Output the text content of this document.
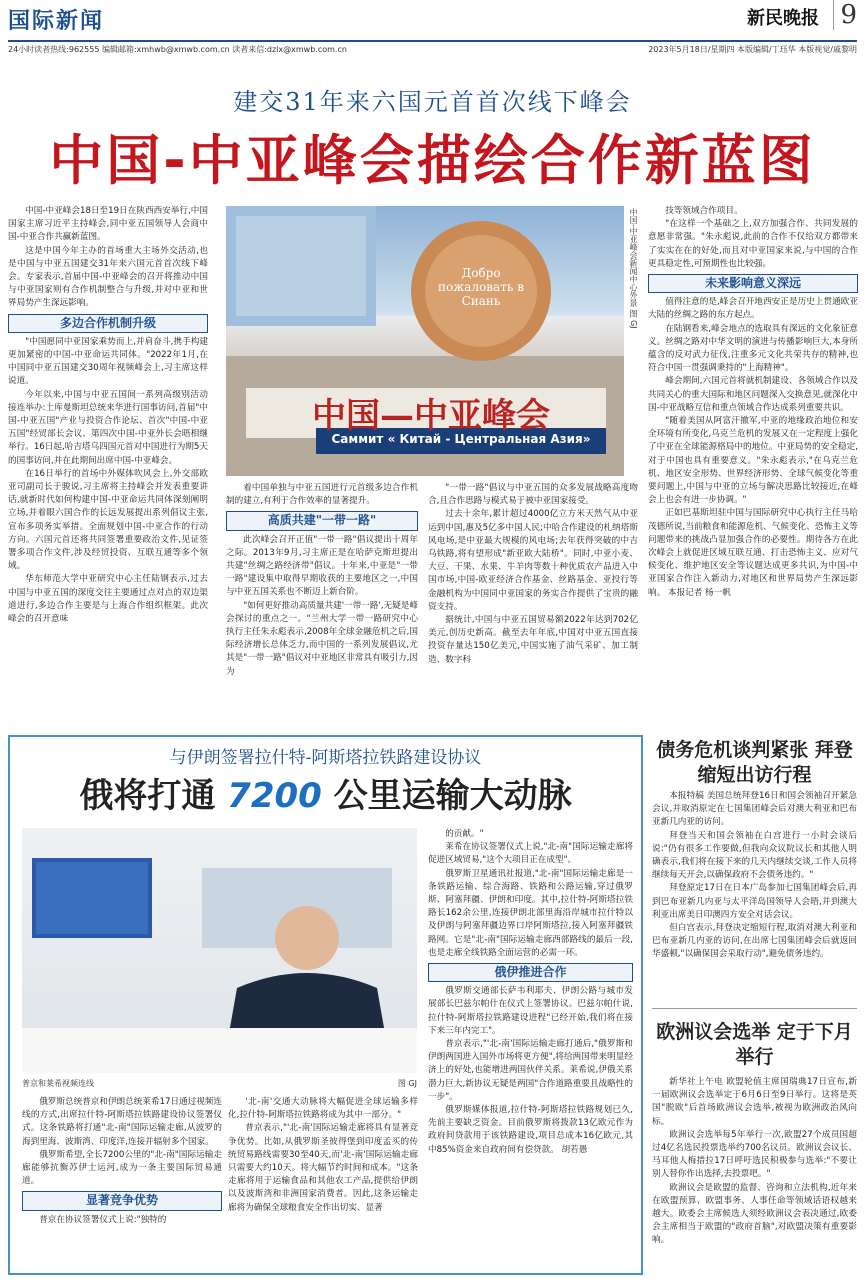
国际新闻	新民晚报 9
24小时读者热线:962555 编辑邮箱:xmhwb@xmwb.com.cn 读者来信:dzlx@xmwb.com.cn	2023年5月18日/星期四 本版编辑/丁珏华 本版视觉/戚黎明
建交31年来六国元首首次线下峰会
中国-中亚峰会描绘合作新蓝图

中国-中亚峰会18日至19日在陕西西安举行,中国国家主席习近平主持峰会,同中亚五国领导人会商中国-中亚合作共赢新蓝图。

这是中国今年主办的首场重大主场外交活动,也是中国与中亚五国建交31年来六国元首首次线下峰会。专家表示,首届中国-中亚峰会的召开将推动中国与中亚国家则有合作机制整合与升级,并对中亚和世界局势产生深远影响。

多边合作机制升级

"中国愿同中亚国家乘势而上,并肩奋斗,携手构建更加紧密的中国-中亚命运共同体。"2022年1月,在中国同中亚五国建交30周年视频峰会上,习主席这样说道。

今年以来,中国与中亚五国间一系列高级别活动接连举办:土库曼斯坦总统来华进行国事访问,首届"中国-中亚五国"产业与投资合作论坛、首次"中国-中亚五国"经贸部长会议、第四次中国-中亚外长会晤相继举行。16日起,哈吉塔乌四国元首对中国进行为期5天的国事访问,并在此期间出席中国-中亚峰会。

在16日举行的首场中外媒体吹风会上,外交部欧亚司副司长于骏说,习主席将主持峰会并发表重要讲话,就新时代如何构建中国-中亚命运共同体深刻阐明立场,并着眼六国合作的长远发展提出系列倡议主张,宣布多项务实举措。全面规划中国-中亚合作的行动方向。六国元首还将共同签署重要政治文件,见证签署多项合作文件,涉及经贸投资、互联互通等多个领域。

华东师范大学中亚研究中心主任陆钢表示,过去中国与中亚五国的深度交往主要通过点对点的双边渠道进行,多边合作主要是与上海合作组织框架。此次峰会的召开意味

Добро пожаловать в Сиань
中国—中亚峰会
Саммит « Китай - Центральная Азия»
中国-中亚峰会新闻中心外景 图 GJ

着中国单独与中亚五国进行元首级多边合作机制的建立,有利于合作效率的显著提升。

高质共建"一带一路"

此次峰会召开正值"一带一路"倡议提出十周年之际。2013年9月,习主席正是在哈萨克斯坦提出共建"丝绸之路经济带"倡议。十年来,中亚是"一带一路"建设集中取得早期收获的主要地区之一,中国与中亚五国关系也不断迈上新台阶。

"如何更好推动高质量共建'一带一路',无疑是峰会探讨的重点之一。"兰州大学一带一路研究中心执行主任朱永彪表示,2008年全球金融危机之后,国际经济增长总体乏力,而中国的一系列发展倡议,尤其是"一带一路"倡议对中亚地区非常具有吸引力,因为

"一带一路"倡议与中亚五国的众多发展战略高度吻合,且合作思路与模式易于被中亚国家接受。

过去十余年,累计超过4000亿立方米天然气从中亚运到中国,惠及5亿多中国人民;中哈合作建设的札纳塔斯风电场,是中亚最大规模的风电场;去年获得突破的中吉乌铁路,将有望形成"新亚欧大陆桥"。同时,中亚小麦、大豆、干果、水果、牛羊肉等数十种优质农产品进入中国市场,中国-欧亚经济合作基金、丝路基金、亚投行等金融机构为中国同中亚国家的务实合作提供了宝贵的融资支持。

据统计,中国与中亚五国贸易额2022年达到702亿美元,创历史新高。截至去年年底,中国对中亚五国直接投资存量达150亿美元,中国实施了油气采矿、加工制造、数字科

技等领域合作项目。

"在这样一个基础之上,双方加强合作、共同发展的意愿非常强。"朱永彪说,此前的合作不仅给双方都带来了实实在在的好处,而且对中亚国家来说,与中国的合作更具稳定性,可预期性也比较强。

未来影响意义深远

值得注意的是,峰会召开地西安正是历史上贯通欧亚大陆的丝绸之路的东方起点。

在陆钢看来,峰会地点的选取具有深远的文化象征意义。丝绸之路对中华文明的演进与传播影响巨大,本身所蕴含的反对武力征伐,注重多元文化共荣共存的精神,也符合中国一贯强调秉持的"上海精神"。

峰会期间,六国元首将就机制建设、各领域合作以及共同关心的重大国际和地区问题深入交换意见,就深化中国-中亚战略互信和重点领域合作达成系列重要共识。

"随着美国从阿富汗撤军,中亚的地缘政治地位和安全环境有所变化,乌克兰危机的发展又在一定程度上强化了中亚在全球能源格局中的地位。中亚局势的安全稳定,对于中国也具有重要意义。"朱永彪表示,"在乌克兰危机、地区安全形势、世界经济形势、全球气候变化等重要问题上,中国与中亚的立场与解决思路比较接近,在峰会上也会有进一步协调。"

正如巴基斯坦驻中国与国际研究中心执行主任马哈茂德所说,当前粮食和能源危机、气候变化、恐怖主义等问题带来的挑战凸显加强合作的必要性。期待各方在此次峰会上就促进区域互联互通、打击恐怖主义、应对气候变化、维护地区安全等议题达成更多共识,为中国-中亚国家合作注入新动力,对地区和世界局势产生深远影响。 本报记者 杨一帆

与伊朗签署拉什特-阿斯塔拉铁路建设协议
俄将打通 7200 公里运输大动脉
普京和莱希视频连线	图 GJ

俄罗斯总统普京和伊朗总统莱希17日通过视频连线的方式,出席拉什特-阿斯塔拉铁路建设协议签署仪式。这条铁路将打通"北-南"国际运输走廊,从波罗的海到里海、波斯湾、印度洋,连接并辐射多个国家。

俄罗斯希望,全长7200公里的"北-南"国际运输走廊能够抗衡苏伊士运河,成为一条主要国际贸易通道。

显著竞争优势

普京在协议签署仪式上说:"独特的

'北-南'交通大动脉将大幅促进全球运输多样化,拉什特-阿斯塔拉铁路将成为其中一部分。"

普京表示,"'北-南'国际运输走廊将具有显著竞争优势。比如,从俄罗斯圣彼得堡到印度孟买的传统贸易路线需要30至40天,而'北-南'国际运输走廊只需要大约10天。将大幅节约时间和成本。"这条走廊将用于运输食品和其他农工产品,提供给伊朗以及波斯湾和非洲国家消费者。因此,这条运输走廊将为确保全球粮食安全作出切实、显著

的贡献。"

莱希在协议签署仪式上说,"北-南"国际运输走廊将促进区域贸易,"这个大项目正在成型"。

俄罗斯卫星通讯社报道,"北-南"国际运输走廊是一条铁路运输、综合海路、铁路和公路运输,穿过俄罗斯、阿塞拜疆、伊朗和印度。其中,拉什特-阿斯塔拉铁路长162余公里,连接伊朗北部里海沿岸城市拉什特以及伊朗与阿塞拜疆边界口岸阿斯塔拉,接入阿塞拜疆铁路网。它是"北-南"国际运输走廊西部路线的最后一段,也是走廊全线铁路全面运营的必需一环。

俄伊推进合作

俄罗斯交通部长萨韦利耶夫、伊朗公路与城市发展部长巴兹尔帕什在仪式上签署协议。巴兹尔帕什说,拉什特-阿斯塔拉铁路建设进程"已经开始,我们将在接下来三年内完工"。

普京表示,"'北-南'国际运输走廊打通后,"俄罗斯和伊朗两国进入国外市场将更方便",将给两国带来明显经济上的好处,也能增进两国伙伴关系。莱希说,伊俄关系潜力巨大,新协议无疑是两国"合作道路重要且战略性的一步"。

俄罗斯媒体报道,拉什特-阿斯塔拉铁路规划已久,先前主要缺乏资金。目前俄罗斯将拨款13亿欧元作为政府间贷款用于该铁路建设,项目总成本16亿欧元,其中85%资金来自政府间有偿贷款。 胡若愚

债务危机谈判紧张 拜登缩短出访行程

本报特稿 美国总统拜登16日和国会领袖召开紧急会议,并取消原定在七国集团峰会后对澳大利亚和巴布亚新几内亚的访问。

拜登当天和国会领袖在白宫进行一小时会谈后说:"仍有很多工作要做,但我向众议院议长和其他人明确表示,我们将在接下来的几天内继续交谈,工作人员将继续每天开会,以确保政府不会债务违约。"

拜登原定17日在日本广岛参加七国集团峰会后,再到巴布亚新几内亚与太平洋岛国领导人会晤,并到澳大利亚出席美日印澳四方安全对话会议。

但白宫表示,拜登决定缩短行程,取消对澳大利亚和巴布亚新几内亚的访问,在出席七国集团峰会后就返回华盛顿,"以确保国会采取行动",避免债务违约。

欧洲议会选举 定于下月举行

新华社上午电 欧盟轮值主席国瑞典17日宣布,新一届欧洲议会选举定于6月6日至9日举行。这将是英国"脱欧"后首场欧洲议会选举,被视为欧洲政治风向标。

欧洲议会选举每5年举行一次,欧盟27个成员国超过4亿名选民投票选举约700名议员。欧洲议会议长、马耳他人梅措拉17日呼吁选民积极参与选举:"不要让别人替你作出选择,去投票吧。"

欧洲议会是欧盟的监督、咨询和立法机构,近年来在欧盟预算、欧盟事务、人事任命等领域话语权越来越大。欧委会主席候选人须经欧洲议会表决通过,欧委会主席相当于欧盟的"政府首脑",对欧盟决策有重要影响。
